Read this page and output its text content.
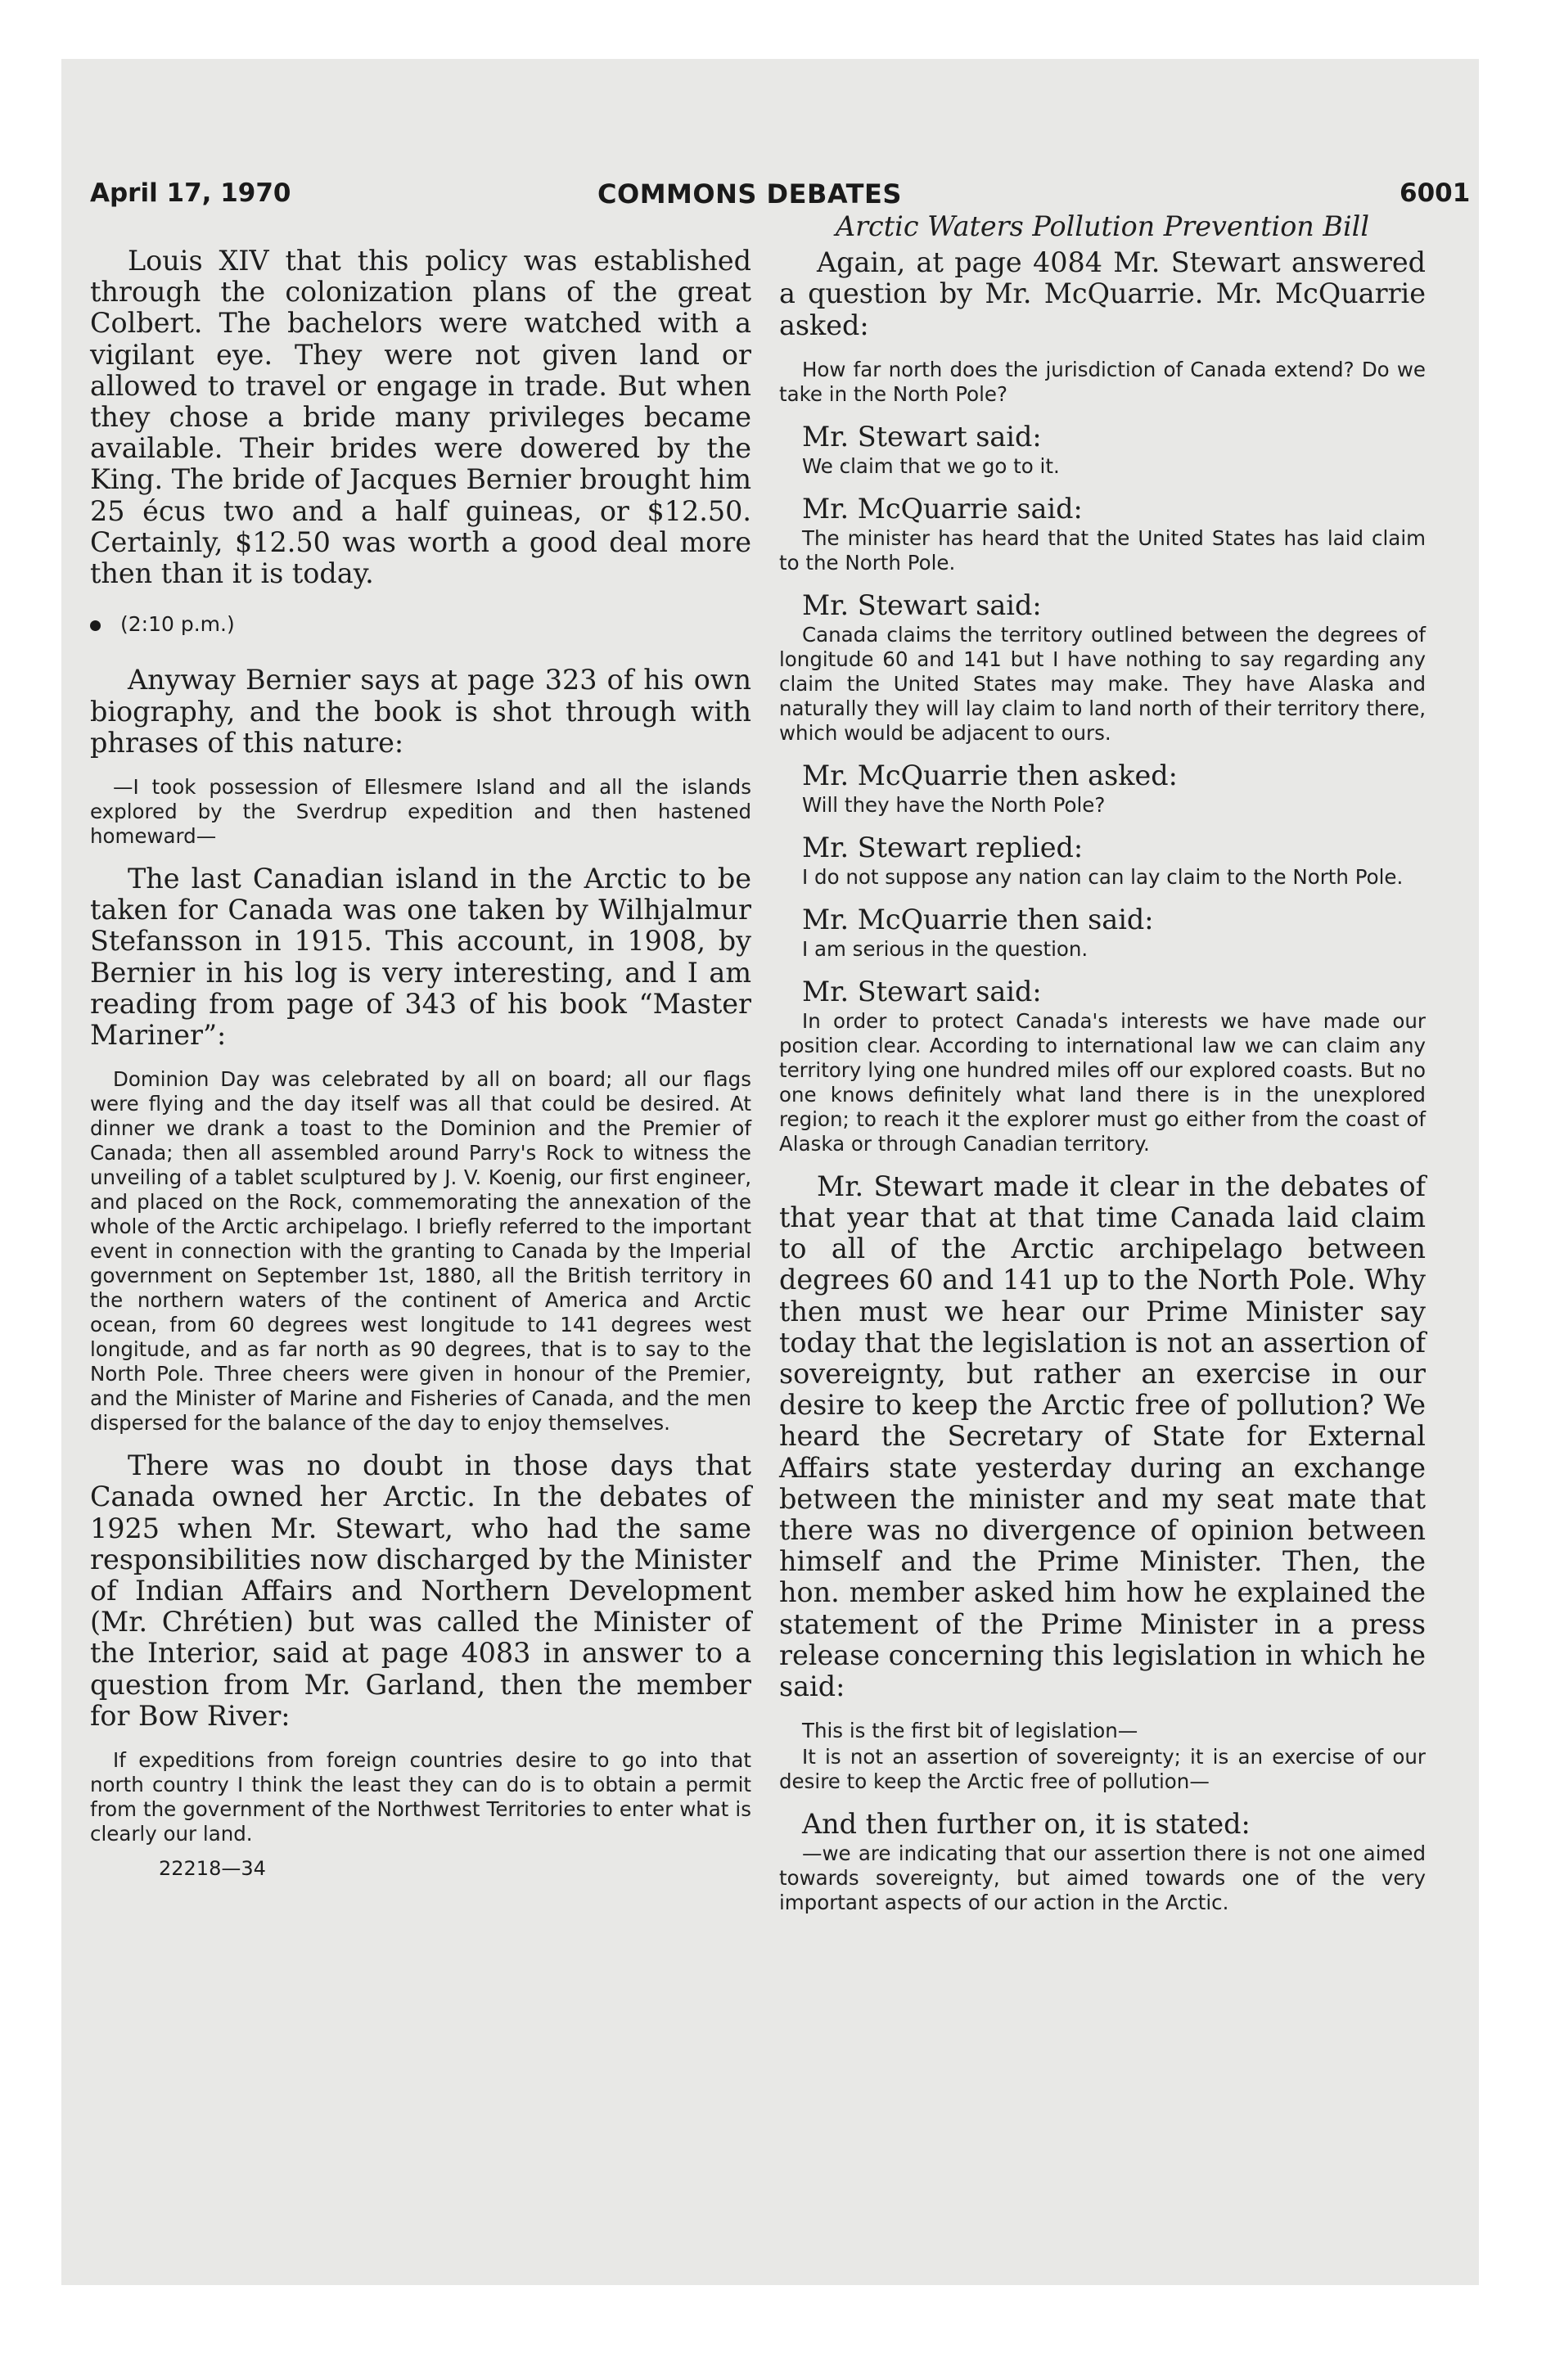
April 17, 1970	COMMONS DEBATES	6001

Louis XIV that this policy was established through the colonization plans of the great Colbert. The bachelors were watched with a vigilant eye. They were not given land or allowed to travel or engage in trade. But when they chose a bride many privileges became available. Their brides were dowered by the King. The bride of Jacques Bernier brought him 25 écus two and a half guineas, or $12.50. Certainly, $12.50 was worth a good deal more then than it is today.

(2:10 p.m.)

Anyway Bernier says at page 323 of his own biography, and the book is shot through with phrases of this nature:

—I took possession of Ellesmere Island and all the islands explored by the Sverdrup expedition and then hastened homeward—

The last Canadian island in the Arctic to be taken for Canada was one taken by Wilhjalmur Stefansson in 1915. This account, in 1908, by Bernier in his log is very interesting, and I am reading from page of 343 of his book “Master Mariner”:

Dominion Day was celebrated by all on board; all our flags were flying and the day itself was all that could be desired. At dinner we drank a toast to the Dominion and the Premier of Canada; then all assembled around Parry's Rock to witness the unveiling of a tablet sculptured by J. V. Koenig, our first engineer, and placed on the Rock, commemorating the annexation of the whole of the Arctic archipelago. I briefly referred to the important event in connection with the granting to Canada by the Imperial government on September 1st, 1880, all the British territory in the northern waters of the continent of America and Arctic ocean, from 60 degrees west longitude to 141 degrees west longitude, and as far north as 90 degrees, that is to say to the North Pole. Three cheers were given in honour of the Premier, and the Minister of Marine and Fisheries of Canada, and the men dispersed for the balance of the day to enjoy themselves.

There was no doubt in those days that Canada owned her Arctic. In the debates of 1925 when Mr. Stewart, who had the same responsibilities now discharged by the Minister of Indian Affairs and Northern Development (Mr. Chrétien) but was called the Minister of the Interior, said at page 4083 in answer to a question from Mr. Garland, then the member for Bow River:

If expeditions from foreign countries desire to go into that north country I think the least they can do is to obtain a permit from the government of the Northwest Territories to enter what is clearly our land.

22218—34

Arctic Waters Pollution Prevention Bill

Again, at page 4084 Mr. Stewart answered a question by Mr. McQuarrie. Mr. McQuarrie asked:

How far north does the jurisdiction of Canada extend? Do we take in the North Pole?

Mr. Stewart said:

We claim that we go to it.

Mr. McQuarrie said:

The minister has heard that the United States has laid claim to the North Pole.

Mr. Stewart said:

Canada claims the territory outlined between the degrees of longitude 60 and 141 but I have nothing to say regarding any claim the United States may make. They have Alaska and naturally they will lay claim to land north of their territory there, which would be adjacent to ours.

Mr. McQuarrie then asked:

Will they have the North Pole?

Mr. Stewart replied:

I do not suppose any nation can lay claim to the North Pole.

Mr. McQuarrie then said:

I am serious in the question.

Mr. Stewart said:

In order to protect Canada's interests we have made our position clear. According to international law we can claim any territory lying one hundred miles off our explored coasts. But no one knows definitely what land there is in the unexplored region; to reach it the explorer must go either from the coast of Alaska or through Canadian territory.

Mr. Stewart made it clear in the debates of that year that at that time Canada laid claim to all of the Arctic archipelago between degrees 60 and 141 up to the North Pole. Why then must we hear our Prime Minister say today that the legislation is not an assertion of sovereignty, but rather an exercise in our desire to keep the Arctic free of pollution? We heard the Secretary of State for External Affairs state yesterday during an exchange between the minister and my seat mate that there was no divergence of opinion between himself and the Prime Minister. Then, the hon. member asked him how he explained the statement of the Prime Minister in a press release concerning this legislation in which he said:

This is the first bit of legislation—

It is not an assertion of sovereignty; it is an exercise of our desire to keep the Arctic free of pollution—

And then further on, it is stated:

—we are indicating that our assertion there is not one aimed towards sovereignty, but aimed towards one of the very important aspects of our action in the Arctic.
